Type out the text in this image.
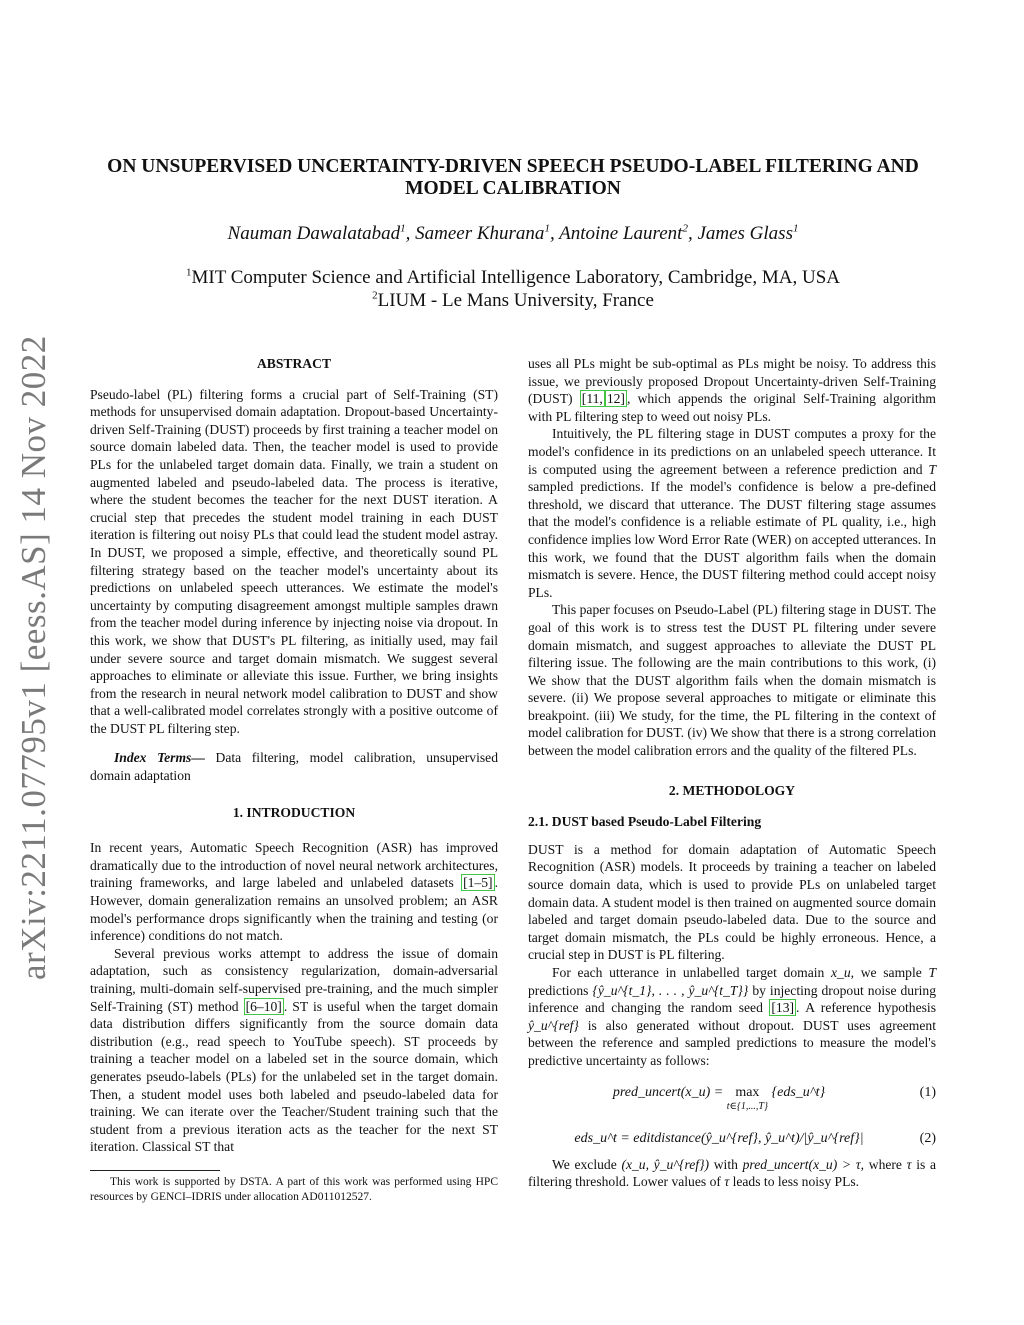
arXiv:2211.07795v1 [eess.AS] 14 Nov 2022
ON UNSUPERVISED UNCERTAINTY-DRIVEN SPEECH PSEUDO-LABEL FILTERING AND
MODEL CALIBRATION
Nauman Dawalatabad$^1$, Sameer Khurana$^1$, Antoine Laurent$^2$, James Glass$^1$
$^1$MIT Computer Science and Artificial Intelligence Laboratory, Cambridge, MA, USA
$^2$LIUM - Le Mans University, France

ABSTRACT

Pseudo-label (PL) filtering forms a crucial part of Self-Training (ST) methods for unsupervised domain adaptation. Dropout-based Uncertainty-driven Self-Training (DUST) proceeds by first training a teacher model on source domain labeled data. Then, the teacher model is used to provide PLs for the unlabeled target domain data. Finally, we train a student on augmented labeled and pseudo-labeled data. The process is iterative, where the student becomes the teacher for the next DUST iteration. A crucial step that precedes the student model training in each DUST iteration is filtering out noisy PLs that could lead the student model astray. In DUST, we proposed a simple, effective, and theoretically sound PL filtering strategy based on the teacher model's uncertainty about its predictions on unlabeled speech utterances. We estimate the model's uncertainty by computing disagreement amongst multiple samples drawn from the teacher model during inference by injecting noise via dropout. In this work, we show that DUST's PL filtering, as initially used, may fail under severe source and target domain mismatch. We suggest several approaches to eliminate or alleviate this issue. Further, we bring insights from the research in neural network model calibration to DUST and show that a well-calibrated model correlates strongly with a positive outcome of the DUST PL filtering step.

Index Terms— Data filtering, model calibration, unsupervised domain adaptation

1. INTRODUCTION

In recent years, Automatic Speech Recognition (ASR) has improved dramatically due to the introduction of novel neural network architectures, training frameworks, and large labeled and unlabeled datasets [1–5] . However, domain generalization remains an unsolved problem; an ASR model's performance drops significantly when the training and testing (or inference) conditions do not match.

Several previous works attempt to address the issue of domain adaptation, such as consistency regularization, domain-adversarial training, multi-domain self-supervised pre-training, and the much simpler Self-Training (ST) method [6–10] . ST is useful when the target domain data distribution differs significantly from the source domain data distribution (e.g., read speech to YouTube speech). ST proceeds by training a teacher model on a labeled set in the source domain, which generates pseudo-labels (PLs) for the unlabeled set in the target domain. Then, a student model uses both labeled and pseudo-labeled data for training. We can iterate over the Teacher/Student training such that the student from a previous iteration acts as the teacher for the next ST iteration. Classical ST that

This work is supported by DSTA. A part of this work was performed using HPC resources by GENCI–IDRIS under allocation AD011012527.

uses all PLs might be sub-optimal as PLs might be noisy. To address this issue, we previously proposed Dropout Uncertainty-driven Self-Training (DUST) [11, 12] , which appends the original Self-Training algorithm with PL filtering step to weed out noisy PLs.

Intuitively, the PL filtering stage in DUST computes a proxy for the model's confidence in its predictions on an unlabeled speech utterance. It is computed using the agreement between a reference prediction and T sampled predictions. If the model's confidence is below a pre-defined threshold, we discard that utterance. The DUST filtering stage assumes that the model's confidence is a reliable estimate of PL quality, i.e., high confidence implies low Word Error Rate (WER) on accepted utterances. In this work, we found that the DUST algorithm fails when the domain mismatch is severe. Hence, the DUST filtering method could accept noisy PLs.

This paper focuses on Pseudo-Label (PL) filtering stage in DUST. The goal of this work is to stress test the DUST PL filtering under severe domain mismatch, and suggest approaches to alleviate the DUST PL filtering issue. The following are the main contributions to this work, (i) We show that the DUST algorithm fails when the domain mismatch is severe. (ii) We propose several approaches to mitigate or eliminate this breakpoint. (iii) We study, for the time, the PL filtering in the context of model calibration for DUST. (iv) We show that there is a strong correlation between the model calibration errors and the quality of the filtered PLs.

2. METHODOLOGY

2.1. DUST based Pseudo-Label Filtering

DUST is a method for domain adaptation of Automatic Speech Recognition (ASR) models. It proceeds by training a teacher on labeled source domain data, which is used to provide PLs on unlabeled target domain data. A student model is then trained on augmented source domain labeled and target domain pseudo-labeled data. Due to the source and target domain mismatch, the PLs could be highly erroneous. Hence, a crucial step in DUST is PL filtering.

For each utterance in unlabelled target domain x_u, we sample T predictions {ŷ_u^{t_1}, . . . , ŷ_u^{t_T}} by injecting dropout noise during inference and changing the random seed [13] . A reference hypothesis ŷ_u^{ref} is also generated without dropout. DUST uses agreement between the reference and sampled predictions to measure the model's predictive uncertainty as follows:

pred_uncert(x_u) = max
t∈{1,...,T}
{eds_u^t}	(1)
eds_u^t = editdistance(ŷ_u^{ref}, ŷ_u^t)/|ŷ_u^{ref}|	(2)

We exclude (x_u, ŷ_u^{ref}) with pred_uncert(x_u) > τ, where τ is a filtering threshold. Lower values of τ leads to less noisy PLs.
